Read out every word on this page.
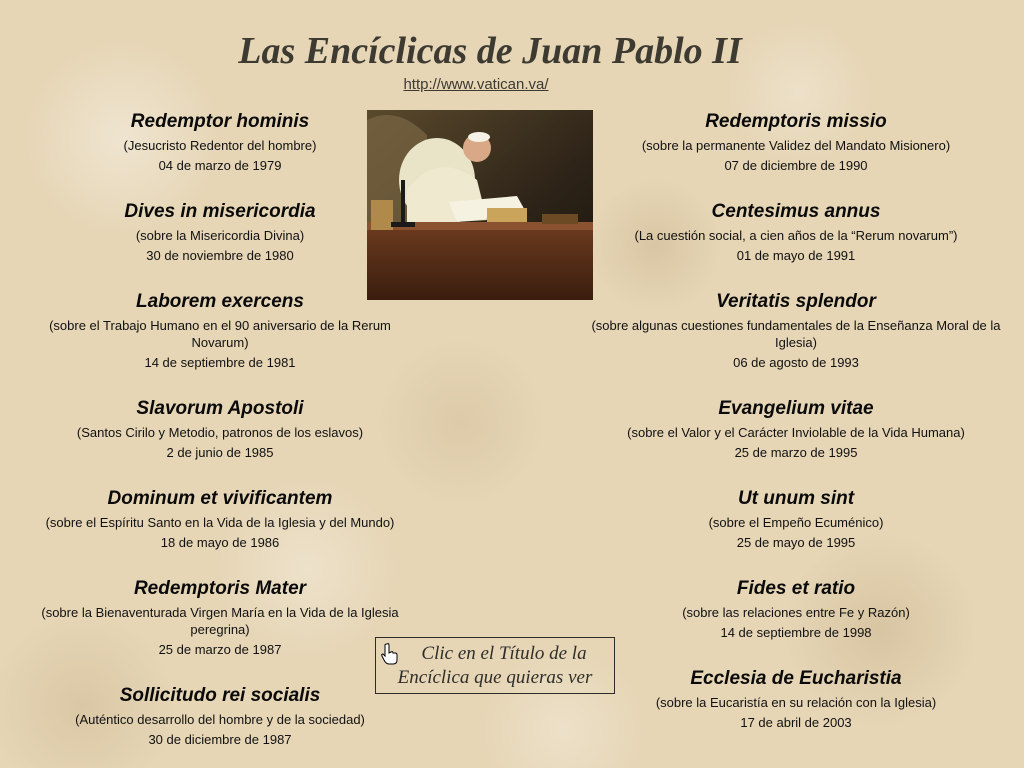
Las Encíclicas de Juan Pablo II
http://www.vatican.va/
Redemptor hominis

(Jesucristo Redentor del hombre)

04 de marzo de 1979

Dives in misericordia

(sobre la Misericordia Divina)

30 de noviembre de 1980

Laborem exercens

(sobre el Trabajo Humano en el 90 aniversario de la Rerum Novarum)

14 de septiembre de 1981

Slavorum Apostoli

(Santos Cirilo y Metodio, patronos de los eslavos)

2 de junio de 1985

Dominum et vivificantem

(sobre el Espíritu Santo en la Vida de la Iglesia y del Mundo)

18 de mayo de 1986

Redemptoris Mater

(sobre la Bienaventurada Virgen María en la Vida de la Iglesia peregrina)

25 de marzo de 1987

Sollicitudo rei socialis

(Auténtico desarrollo del hombre y de la sociedad)

30 de diciembre de 1987

Redemptoris missio

(sobre la permanente Validez del Mandato Misionero)

07 de diciembre de 1990

Centesimus annus

(La cuestión social, a cien años de la “Rerum novarum”)

01 de mayo de 1991

Veritatis splendor

(sobre algunas cuestiones fundamentales de la Enseñanza Moral de la Iglesia)

06 de agosto de 1993

Evangelium vitae

(sobre el Valor y el Carácter Inviolable de la Vida Humana)

25 de marzo de 1995

Ut unum sint

(sobre el Empeño Ecuménico)

25 de mayo de 1995

Fides et ratio

(sobre las relaciones entre Fe y Razón)

14 de septiembre de 1998

Ecclesia de Eucharistia

(sobre la Eucaristía en su relación con la Iglesia)

17 de abril de 2003

Clic en el Título de la
Encíclica que quieras ver
